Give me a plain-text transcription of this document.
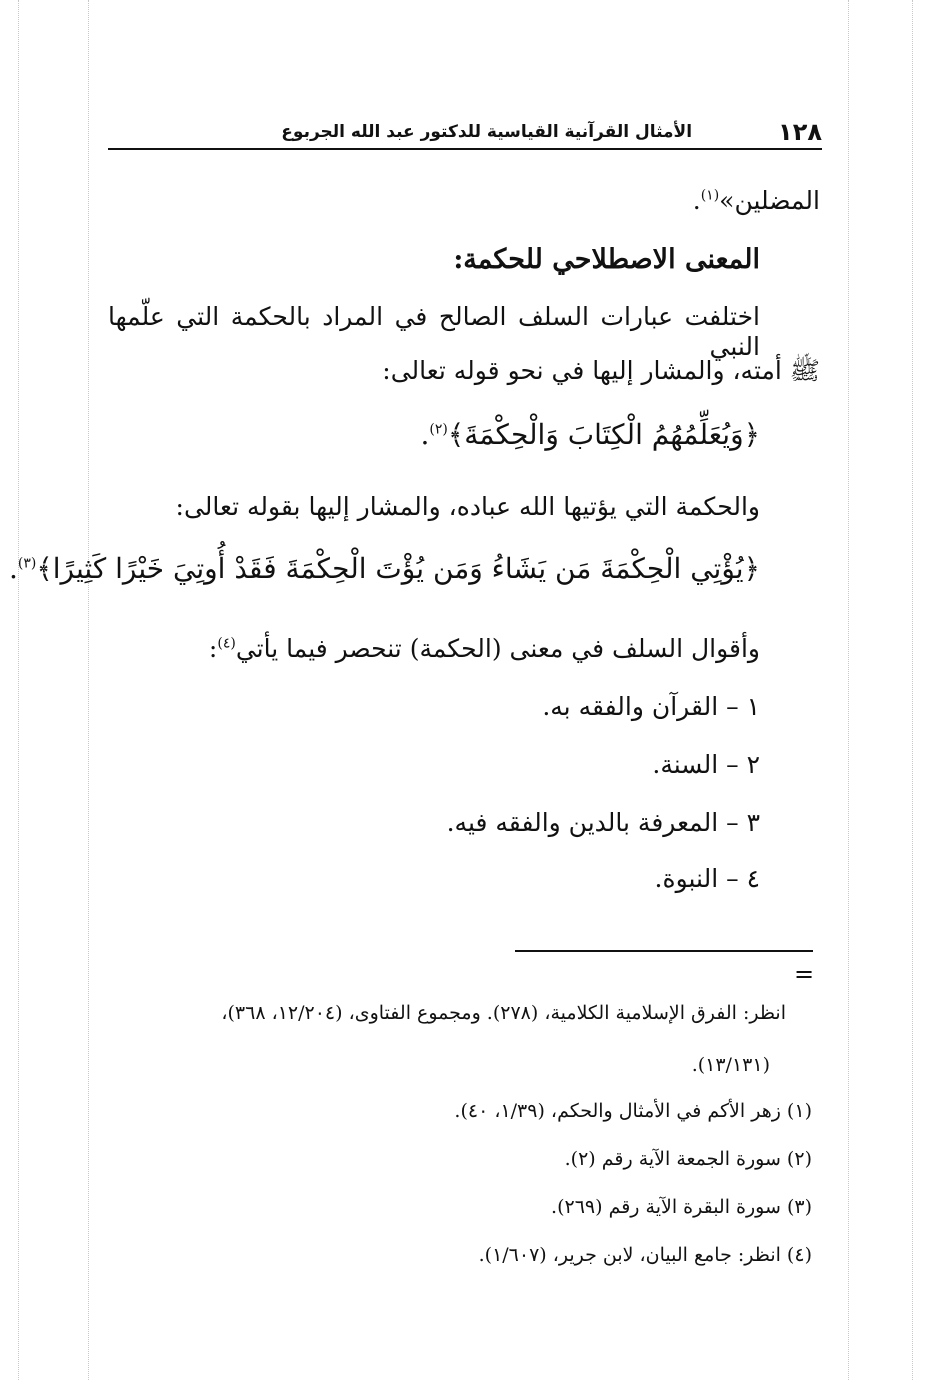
١٢٨
الأمثال القرآنية القياسية للدكتور عبد الله الجربوع
المضلين»$^{(١)}$.
المعنى الاصطلاحي للحكمة:
اختلفت عبارات السلف الصالح في المراد بالحكمة التي علّمها النبي
ﷺ أمته، والمشار إليها في نحو قوله تعالى:
﴿وَيُعَلِّمُهُمُ الْكِتَابَ وَالْحِكْمَةَ﴾$^{(٢)}$.
والحكمة التي يؤتيها الله عباده، والمشار إليها بقوله تعالى:
﴿يُؤْتِي الْحِكْمَةَ مَن يَشَاءُ وَمَن يُؤْتَ الْحِكْمَةَ فَقَدْ أُوتِيَ خَيْرًا كَثِيرًا﴾$^{(٣)}$.
وأقوال السلف في معنى (الحكمة) تنحصر فيما يأتي$^{(٤)}$:
١ – القرآن والفقه به.
٢ – السنة.
٣ – المعرفة بالدين والفقه فيه.
٤ – النبوة.
=
انظر: الفرق الإسلامية الكلامية، (٢٧٨). ومجموع الفتاوى، (١٢/٢٠٤، ٣٦٨)،
(١٣/١٣١).
(١) زهر الأكم في الأمثال والحكم، (١/٣٩، ٤٠).
(٢) سورة الجمعة الآية رقم (٢).
(٣) سورة البقرة الآية رقم (٢٦٩).
(٤) انظر: جامع البيان، لابن جرير، (١/٦٠٧).
